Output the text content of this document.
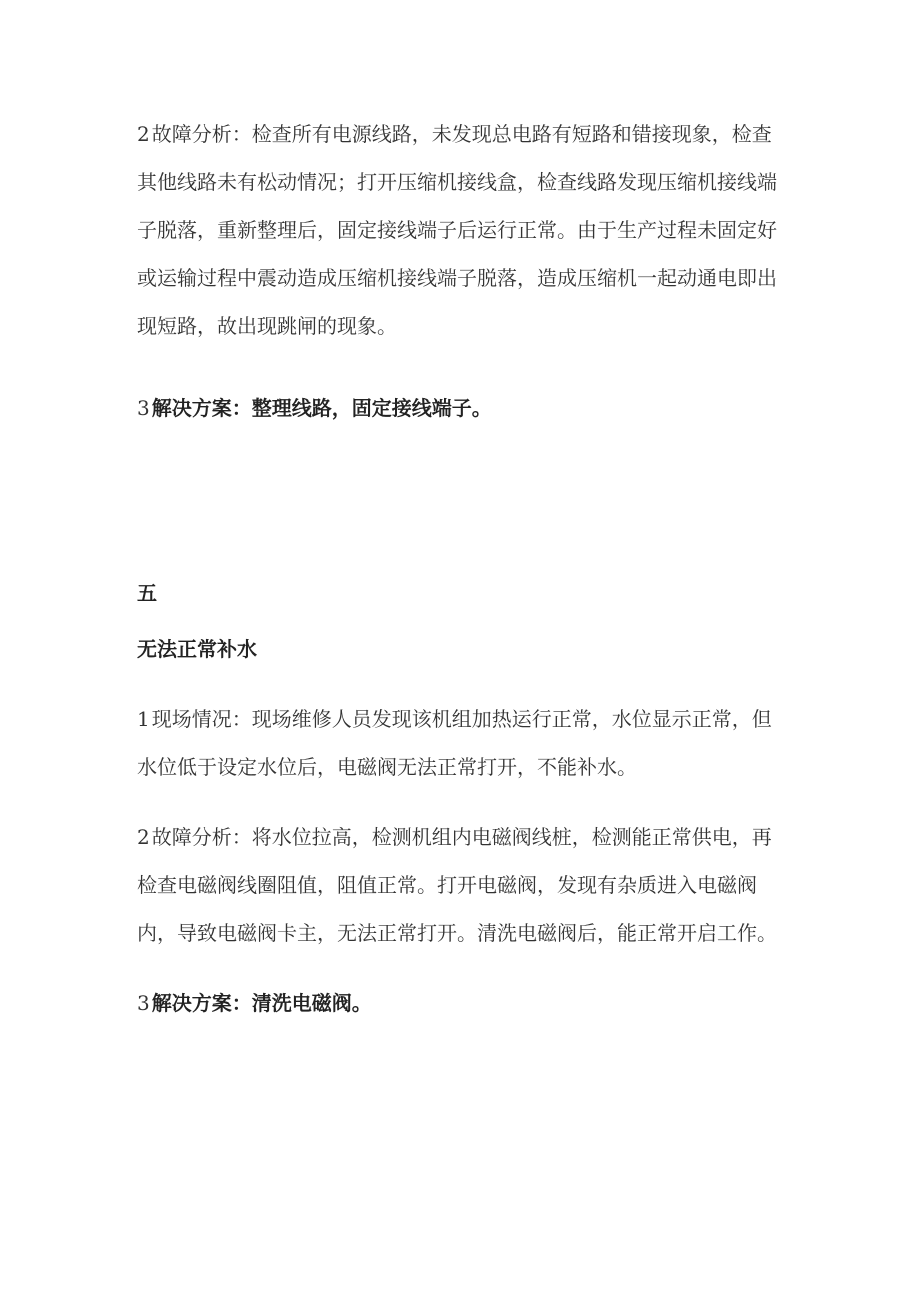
2 故障分析：检查所有电源线路，未发现总电路有短路和错接现象，检查其他线路未有松动情况；打开压缩机接线盒，检查线路发现压缩机接线端子脱落，重新整理后，固定接线端子后运行正常。由于生产过程未固定好或运输过程中震动造成压缩机接线端子脱落，造成压缩机一起动通电即出现短路，故出现跳闸的现象。

3 解决方案：整理线路，固定接线端子。

五
无法正常补水

1 现场情况：现场维修人员发现该机组加热运行正常，水位显示正常，但水位低于设定水位后，电磁阀无法正常打开，不能补水。

2 故障分析：将水位拉高，检测机组内电磁阀线桩，检测能正常供电，再检查电磁阀线圈阻值，阻值正常。打开电磁阀，发现有杂质进入电磁阀内，导致电磁阀卡主，无法正常打开。清洗电磁阀后，能正常开启工作。

3 解决方案：清洗电磁阀。
